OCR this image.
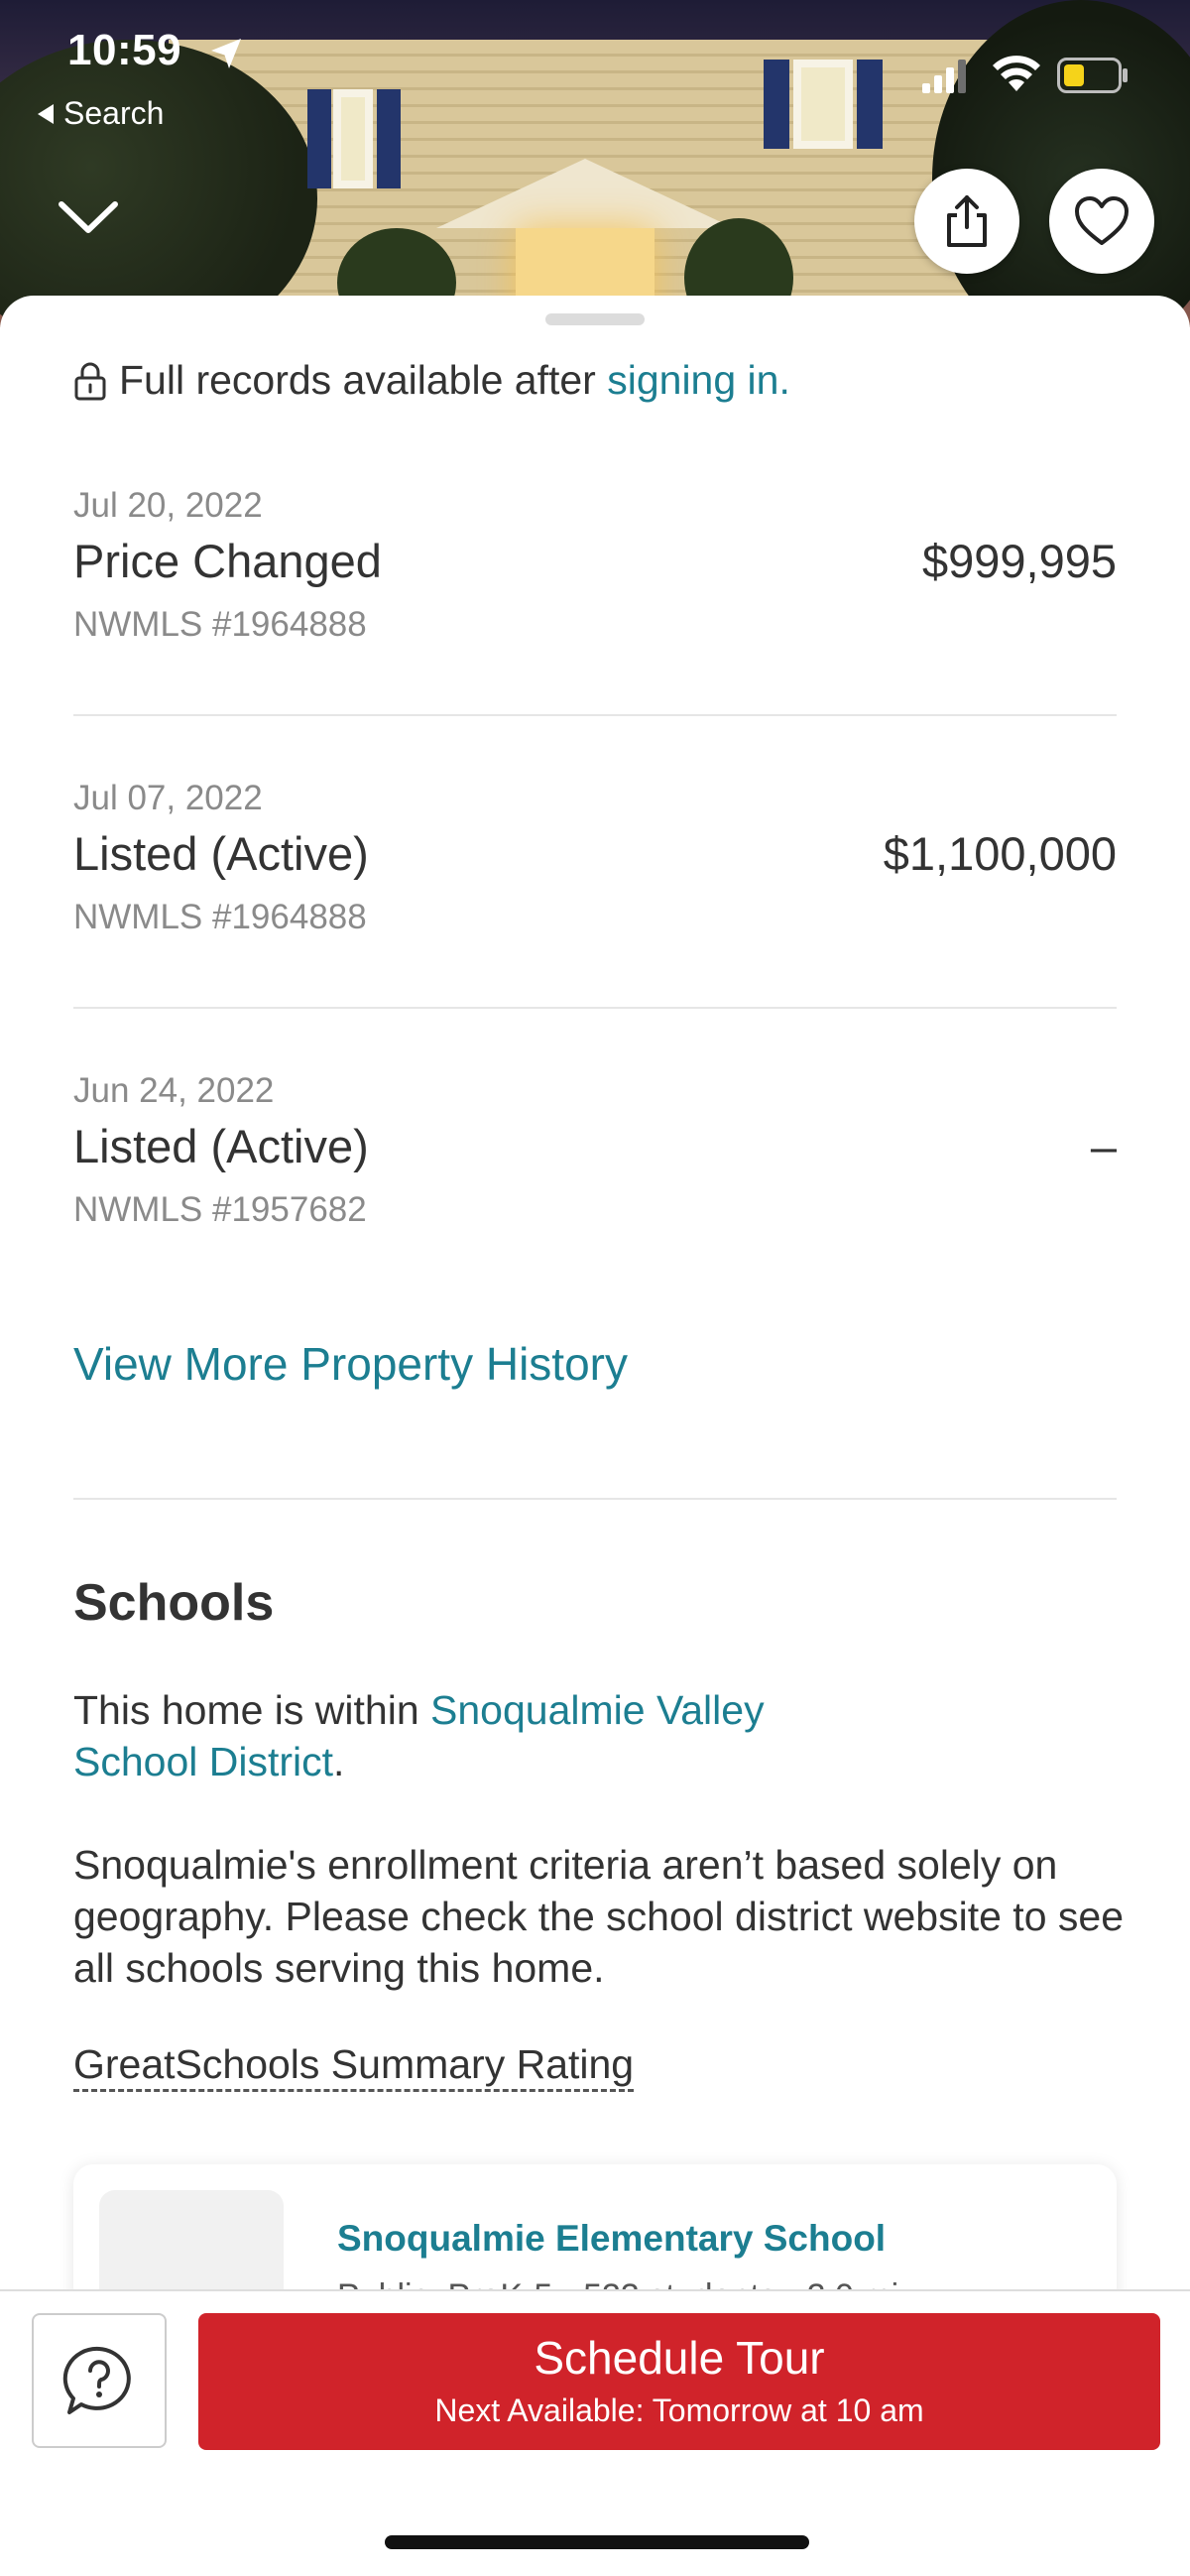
10:59
Search
Full records available after signing in.
Jul 20, 2022
Price Changed	$999,995
NWMLS #1964888
Jul 07, 2022
Listed (Active)	$1,100,000
NWMLS #1964888
Jun 24, 2022
Listed (Active)	–
NWMLS #1957682
View More Property History
Schools
This home is within Snoqualmie Valley
School District.
Snoqualmie's enrollment criteria aren’t based solely on geography. Please check the school district website to see all schools serving this home.
GreatSchools Summary Rating
Snoqualmie Elementary School
Schedule Tour
Next Available: Tomorrow at 10 am
